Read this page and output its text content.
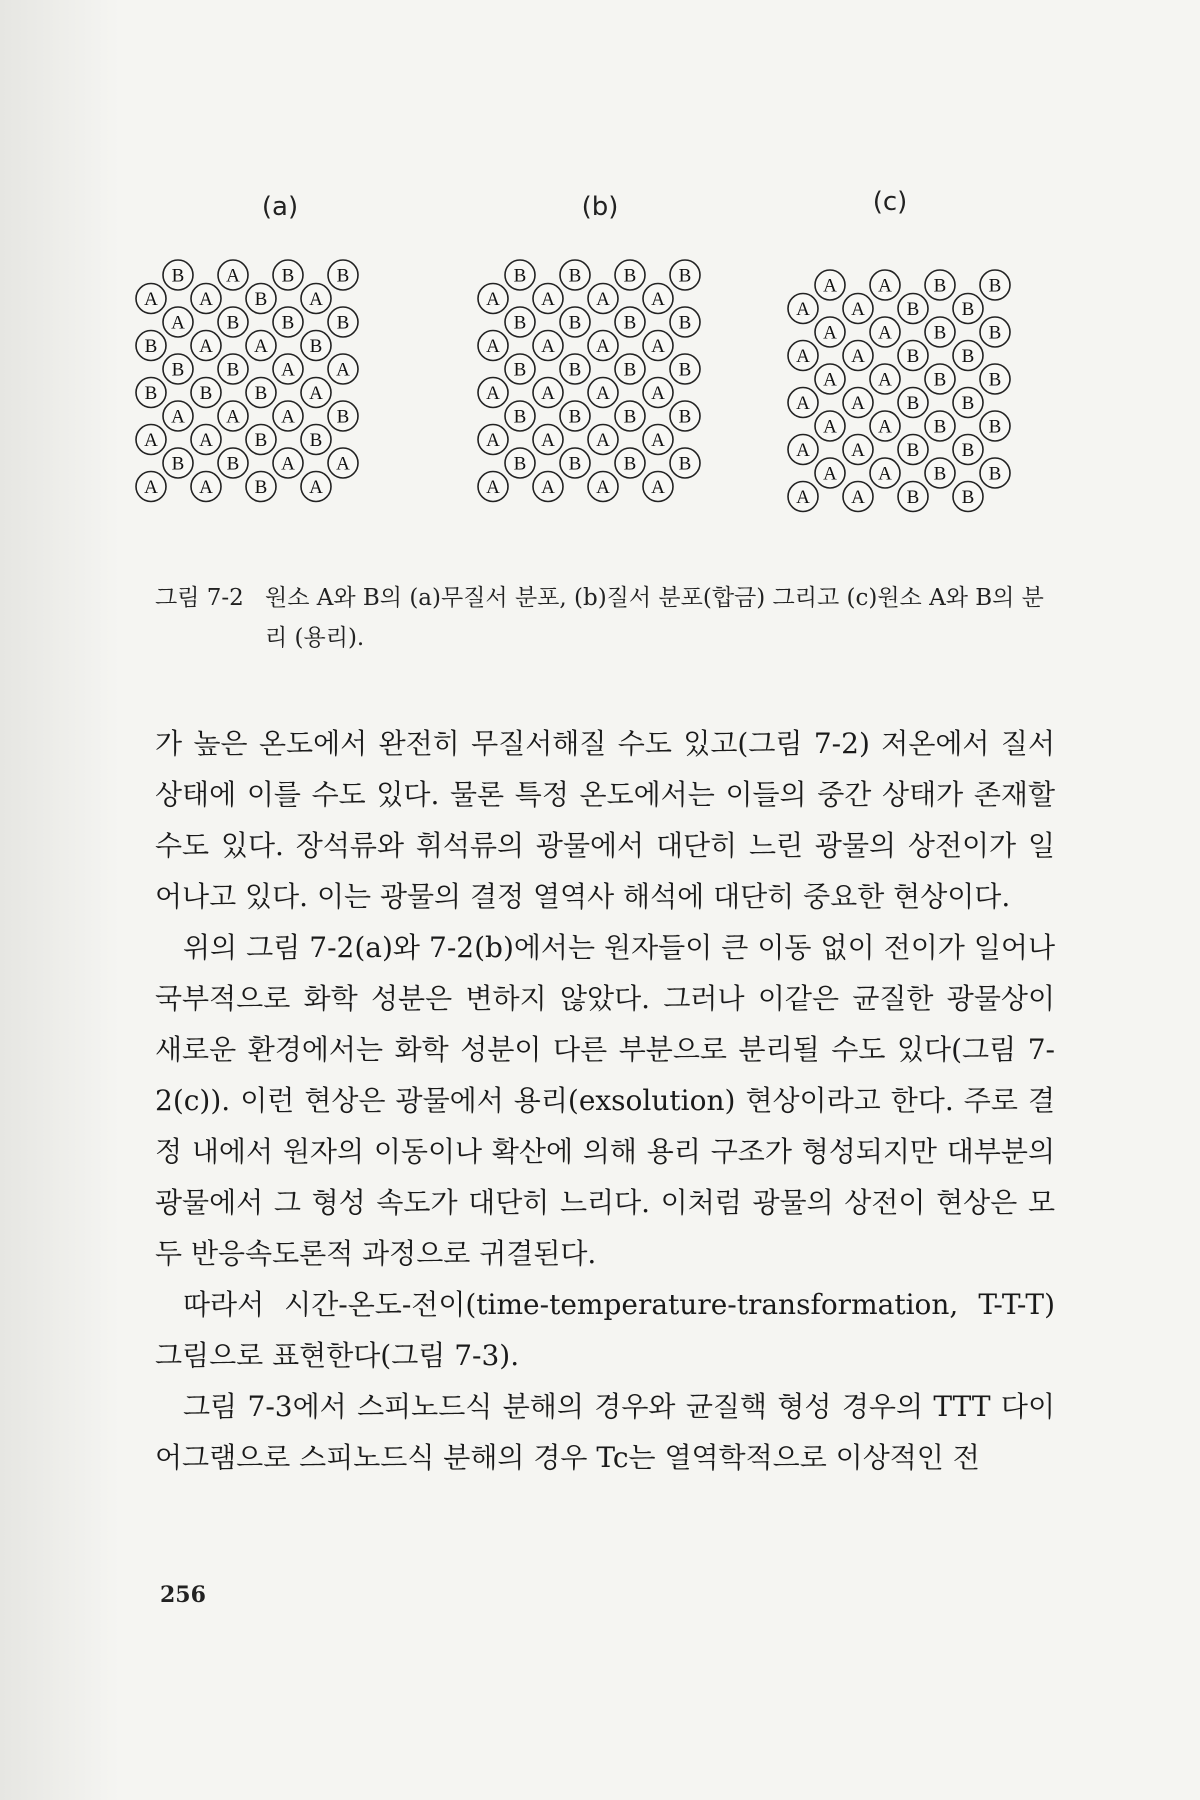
(a)
B A B B
A A B A
A B B B
B A A B
B B A A
B B B A
A A A B
A A B B
B B A A
A A B A
(b)
B B B B
A A A A
B B B B
A A A A
B B B B
A A A A
B B B B
A A A A
B B B B
A A A A
(c)
A A B B
A A B B
A A B B
A A B B
A A B B
A A B B
A A B B
A A B B
A A B B
A A B B
그림 7-2 원소 A와 B의 (a)무질서 분포, (b)질서 분포(합금) 그리고 (c)원소 A와 B의 분리 (용리).

가 높은 온도에서 완전히 무질서해질 수도 있고(그림 7-2) 저온에서 질서 상태에 이를 수도 있다. 물론 특정 온도에서는 이들의 중간 상태가 존재할 수도 있다. 장석류와 휘석류의 광물에서 대단히 느린 광물의 상전이가 일어나고 있다. 이는 광물의 결정 열역사 해석에 대단히 중요한 현상이다.

위의 그림 7-2(a)와 7-2(b)에서는 원자들이 큰 이동 없이 전이가 일어나 국부적으로 화학 성분은 변하지 않았다. 그러나 이같은 균질한 광물상이 새로운 환경에서는 화학 성분이 다른 부분으로 분리될 수도 있다(그림 7-2(c)). 이런 현상은 광물에서 용리(exsolution) 현상이라고 한다. 주로 결정 내에서 원자의 이동이나 확산에 의해 용리 구조가 형성되지만 대부분의 광물에서 그 형성 속도가 대단히 느리다. 이처럼 광물의 상전이 현상은 모두 반응속도론적 과정으로 귀결된다.

따라서 시간-온도-전이(time-temperature-transformation, T-T-T)그림으로 표현한다(그림 7-3).

그림 7-3에서 스피노드식 분해의 경우와 균질핵 형성 경우의 TTT 다이어그램으로 스피노드식 분해의 경우 Tc는 열역학적으로 이상적인 전

256
